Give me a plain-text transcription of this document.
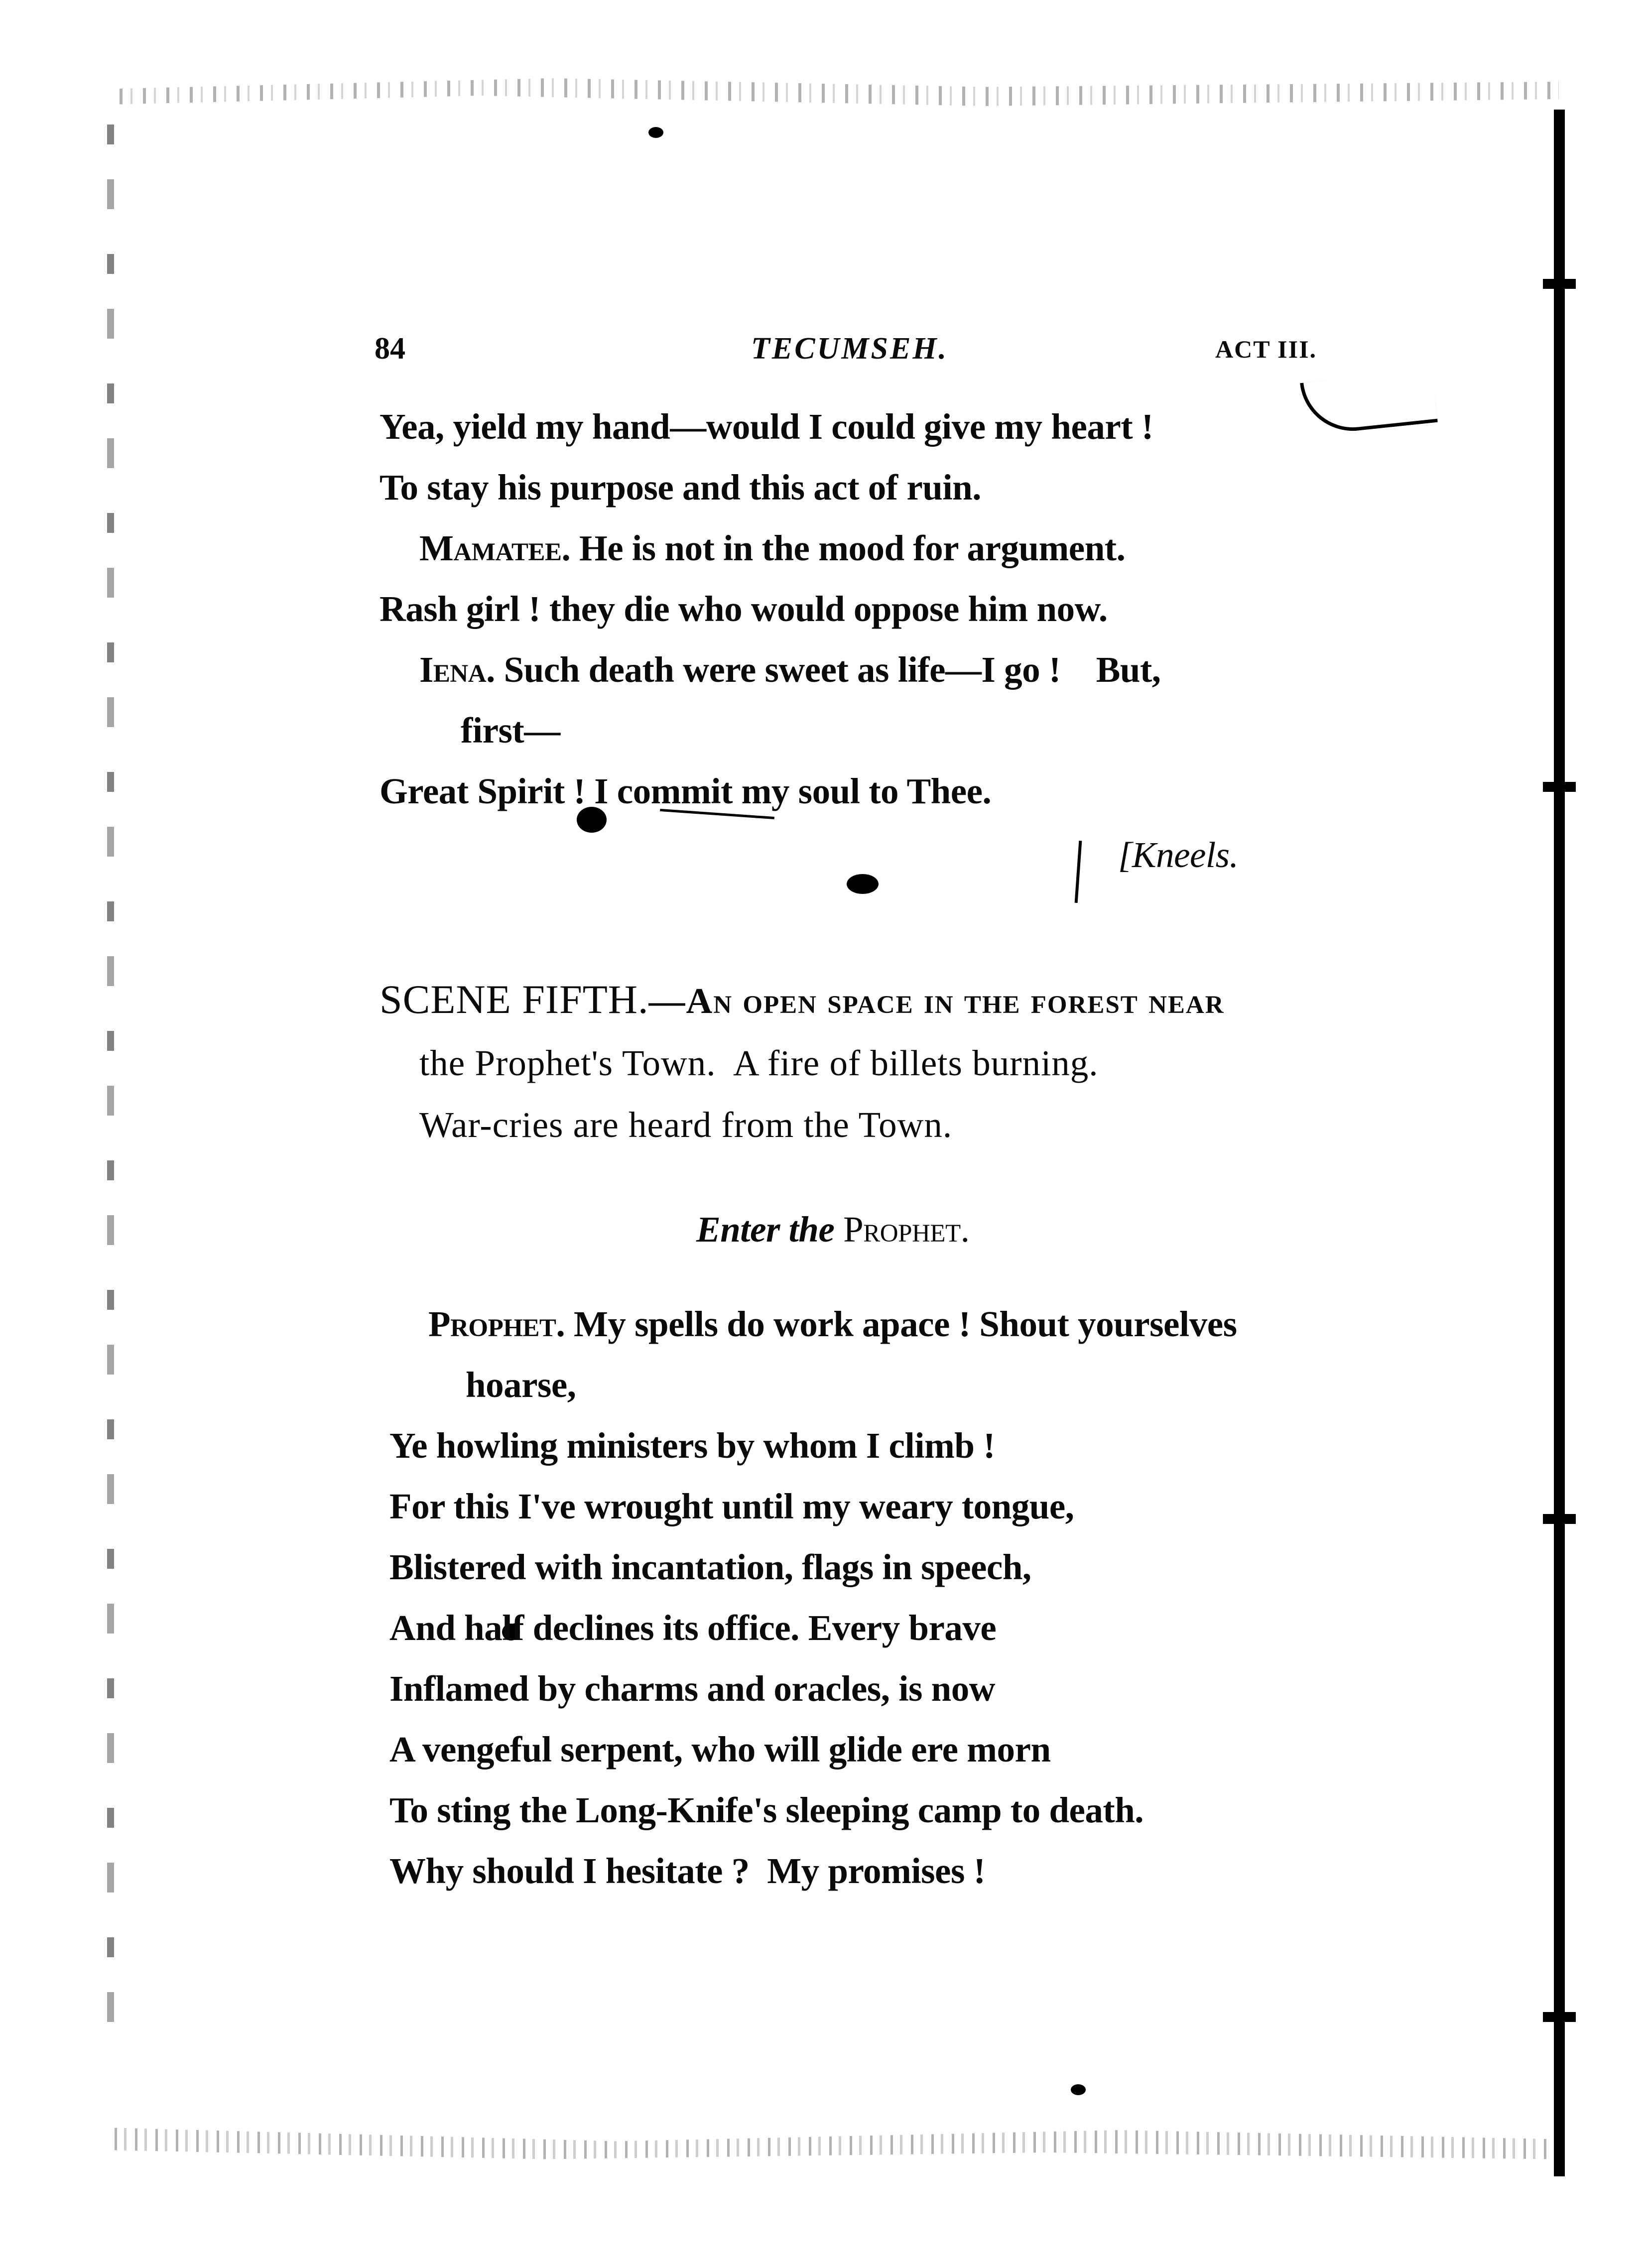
84	TECUMSEH.	ACT III.
Yea, yield my hand—would I could give my heart !
To stay his purpose and this act of ruin.
Mamatee. He is not in the mood for argument.
Rash girl ! they die who would oppose him now.
Iena. Such death were sweet as life—I go !    But,
first—
Great Spirit ! I commit my soul to Thee.
[Kneels.
SCENE FIFTH.—An open space in the forest near
the Prophet's Town.  A fire of billets burning.
War-cries are heard from the Town.
Enter the Prophet.
Prophet. My spells do work apace ! Shout yourselves
hoarse,
Ye howling ministers by whom I climb !
For this I've wrought until my weary tongue,
Blistered with incantation, flags in speech,
And half declines its office. Every brave
Inflamed by charms and oracles, is now
A vengeful serpent, who will glide ere morn
To sting the Long-Knife's sleeping camp to death.
Why should I hesitate ?  My promises !
